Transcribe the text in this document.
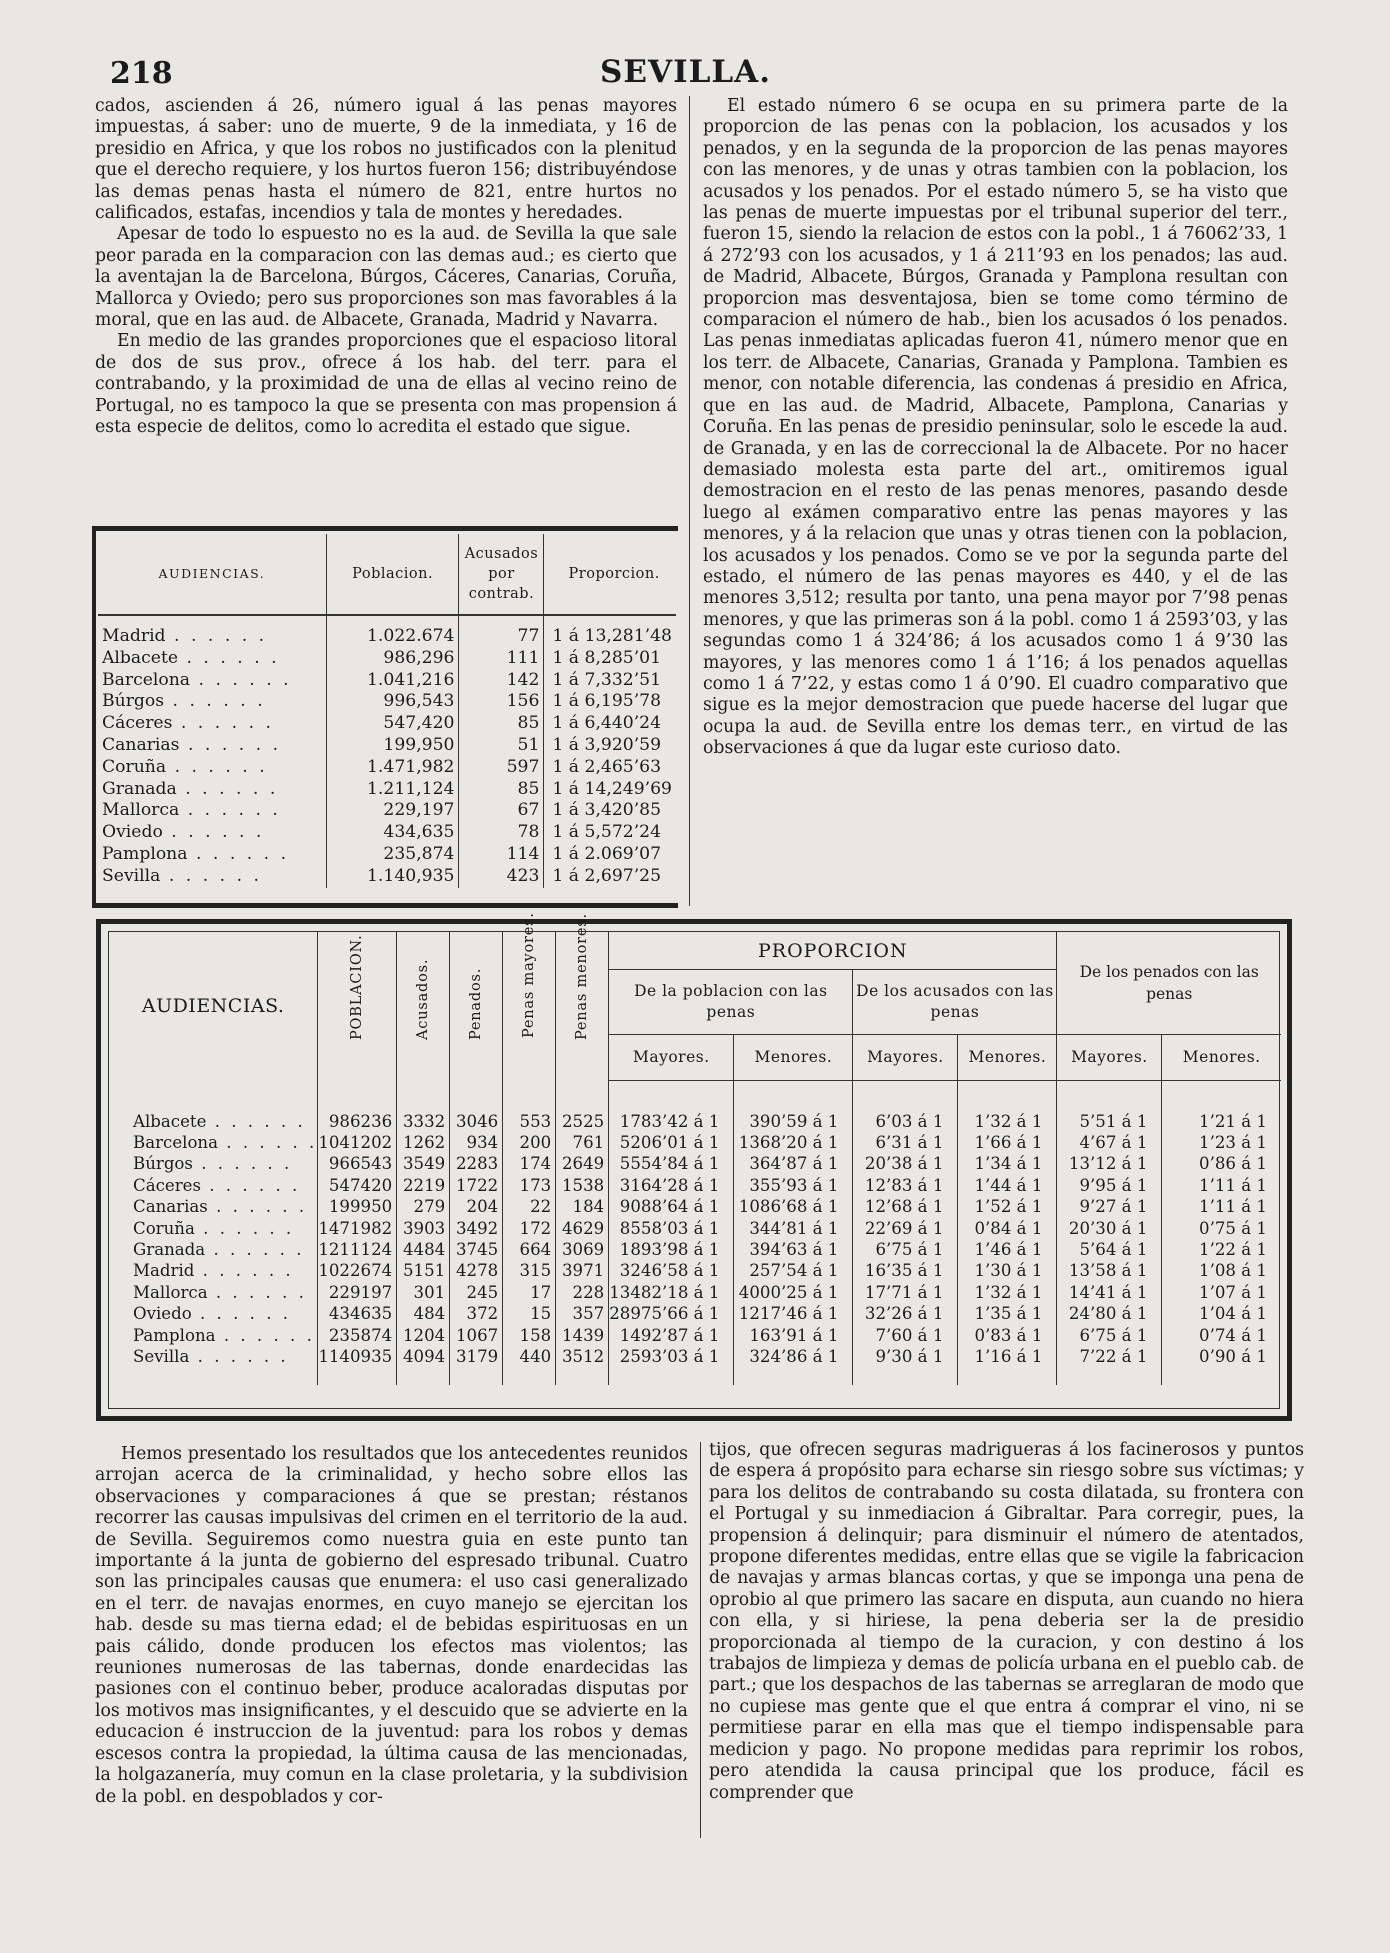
218	SEVILLA.

cados, ascienden á 26, número igual á las penas mayores impuestas, á saber: uno de muerte, 9 de la inmediata, y 16 de presidio en Africa, y que los robos no justificados con la plenitud que el derecho requiere, y los hurtos fueron 156; distribuyéndose las demas penas hasta el número de 821, entre hurtos no calificados, estafas, incendios y tala de montes y heredades.

Apesar de todo lo espuesto no es la aud. de Sevilla la que sale peor parada en la comparacion con las demas aud.; es cierto que la aventajan la de Barcelona, Búrgos, Cáceres, Canarias, Coruña, Mallorca y Oviedo; pero sus proporciones son mas favorables á la moral, que en las aud. de Albacete, Granada, Madrid y Navarra.

En medio de las grandes proporciones que el espacioso litoral de dos de sus prov., ofrece á los hab. del terr. para el contrabando, y la proximidad de una de ellas al vecino reino de Portugal, no es tampoco la que se presenta con mas propension á esta especie de delitos, como lo acredita el estado que sigue.

El estado número 6 se ocupa en su primera parte de la proporcion de las penas con la poblacion, los acusados y los penados, y en la segunda de la proporcion de las penas mayores con las menores, y de unas y otras tambien con la poblacion, los acusados y los penados. Por el estado número 5, se ha visto que las penas de muerte impuestas por el tribunal superior del terr., fueron 15, siendo la relacion de estos con la pobl., 1 á 76062’33, 1 á 272’93 con los acusados, y 1 á 211’93 en los penados; las aud. de Madrid, Albacete, Búrgos, Granada y Pamplona resultan con proporcion mas desventajosa, bien se tome como término de comparacion el número de hab., bien los acusados ó los penados. Las penas inmediatas aplicadas fueron 41, número menor que en los terr. de Albacete, Canarias, Granada y Pamplona. Tambien es menor, con notable diferencia, las condenas á presidio en Africa, que en las aud. de Madrid, Albacete, Pamplona, Canarias y Coruña. En las penas de presidio peninsular, solo le escede la aud. de Granada, y en las de correccional la de Albacete. Por no hacer demasiado molesta esta parte del art., omitiremos igual demostracion en el resto de las penas menores, pasando desde luego al exámen comparativo entre las penas mayores y las menores, y á la relacion que unas y otras tienen con la poblacion, los acusados y los penados. Como se ve por la segunda parte del estado, el número de las penas mayores es 440, y el de las menores 3,512; resulta por tanto, una pena mayor por 7’98 penas menores, y que las primeras son á la pobl. como 1 á 2593’03, y las segundas como 1 á 324’86; á los acusados como 1 á 9’30 las mayores, y las menores como 1 á 1’16; á los penados aquellas como 1 á 7’22, y estas como 1 á 0’90. El cuadro comparativo que sigue es la mejor demostracion que puede hacerse del lugar que ocupa la aud. de Sevilla entre los demas terr., en virtud de las observaciones á que da lugar este curioso dato.

AUDIENCIAS.	Poblacion.	Acusados por contrab.	Proporcion.

Madrid . . . . . .	1.022.674	77	1 á 13,281’48
Albacete . . . . . .	986,296	111	1 á 8,285’01
Barcelona . . . . . .	1.041,216	142	1 á 7,332’51
Búrgos . . . . . .	996,543	156	1 á 6,195’78
Cáceres . . . . . .	547,420	85	1 á 6,440’24
Canarias . . . . . .	199,950	51	1 á 3,920’59
Coruña . . . . . .	1.471,982	597	1 á 2,465’63
Granada . . . . . .	1.211,124	85	1 á 14,249’69
Mallorca . . . . . .	229,197	67	1 á 3,420’85
Oviedo . . . . . .	434,635	78	1 á 5,572’24
Pamplona . . . . . .	235,874	114	1 á 2.069’07
Sevilla . . . . . .	1.140,935	423	1 á 2,697’25
AUDIENCIAS.	POBLACION.	Acusados.	Penados.	Penas mayores.	Penas menores.	PROPORCION				De los penados con las penas	
						De la poblacion con las penas		De los acusados con las penas			
						Mayores.	Menores.	Mayores.	Menores.	Mayores.	Menores.

Albacete . . . . . .	986236	3332	3046	553	2525	1783’42 á 1	390’59 á 1	6’03 á 1	1’32 á 1	5’51 á 1	1’21 á 1
Barcelona . . . . . .	1041202	1262	934	200	761	5206’01 á 1	1368’20 á 1	6’31 á 1	1’66 á 1	4’67 á 1	1’23 á 1
Búrgos . . . . . .	966543	3549	2283	174	2649	5554’84 á 1	364’87 á 1	20’38 á 1	1’34 á 1	13’12 á 1	0’86 á 1
Cáceres . . . . . .	547420	2219	1722	173	1538	3164’28 á 1	355’93 á 1	12’83 á 1	1’44 á 1	9’95 á 1	1’11 á 1
Canarias . . . . . .	199950	279	204	22	184	9088’64 á 1	1086’68 á 1	12’68 á 1	1’52 á 1	9’27 á 1	1’11 á 1
Coruña . . . . . .	1471982	3903	3492	172	4629	8558’03 á 1	344’81 á 1	22’69 á 1	0’84 á 1	20’30 á 1	0’75 á 1
Granada . . . . . .	1211124	4484	3745	664	3069	1893’98 á 1	394’63 á 1	6’75 á 1	1’46 á 1	5’64 á 1	1’22 á 1
Madrid . . . . . .	1022674	5151	4278	315	3971	3246’58 á 1	257’54 á 1	16’35 á 1	1’30 á 1	13’58 á 1	1’08 á 1
Mallorca . . . . . .	229197	301	245	17	228	13482’18 á 1	4000’25 á 1	17’71 á 1	1’32 á 1	14’41 á 1	1’07 á 1
Oviedo . . . . . .	434635	484	372	15	357	28975’66 á 1	1217’46 á 1	32’26 á 1	1’35 á 1	24’80 á 1	1’04 á 1
Pamplona . . . . . .	235874	1204	1067	158	1439	1492’87 á 1	163’91 á 1	7’60 á 1	0’83 á 1	6’75 á 1	0’74 á 1
Sevilla . . . . . .	1140935	4094	3179	440	3512	2593’03 á 1	324’86 á 1	9’30 á 1	1’16 á 1	7’22 á 1	0’90 á 1

Hemos presentado los resultados que los antecedentes reunidos arrojan acerca de la criminalidad, y hecho sobre ellos las observaciones y comparaciones á que se prestan; réstanos recorrer las causas impulsivas del crimen en el territorio de la aud. de Sevilla. Seguiremos como nuestra guia en este punto tan importante á la junta de gobierno del espresado tribunal. Cuatro son las principales causas que enumera: el uso casi generalizado en el terr. de navajas enormes, en cuyo manejo se ejercitan los hab. desde su mas tierna edad; el de bebidas espirituosas en un pais cálido, donde producen los efectos mas violentos; las reuniones numerosas de las tabernas, donde enardecidas las pasiones con el continuo beber, produce acaloradas disputas por los motivos mas insignificantes, y el descuido que se advierte en la educacion é instruccion de la juventud: para los robos y demas escesos contra la propiedad, la última causa de las mencionadas, la holgazanería, muy comun en la clase proletaria, y la subdivision de la pobl. en despoblados y cor-

tijos, que ofrecen seguras madrigueras á los facinerosos y puntos de espera á propósito para echarse sin riesgo sobre sus víctimas; y para los delitos de contrabando su costa dilatada, su frontera con el Portugal y su inmediacion á Gibraltar. Para corregir, pues, la propension á delinquir; para disminuir el número de atentados, propone diferentes medidas, entre ellas que se vigile la fabricacion de navajas y armas blancas cortas, y que se imponga una pena de oprobio al que primero las sacare en disputa, aun cuando no hiera con ella, y si hiriese, la pena deberia ser la de presidio proporcionada al tiempo de la curacion, y con destino á los trabajos de limpieza y demas de policía urbana en el pueblo cab. de part.; que los despachos de las tabernas se arreglaran de modo que no cupiese mas gente que el que entra á comprar el vino, ni se permitiese parar en ella mas que el tiempo indispensable para medicion y pago. No propone medidas para reprimir los robos, pero atendida la causa principal que los produce, fácil es comprender que
